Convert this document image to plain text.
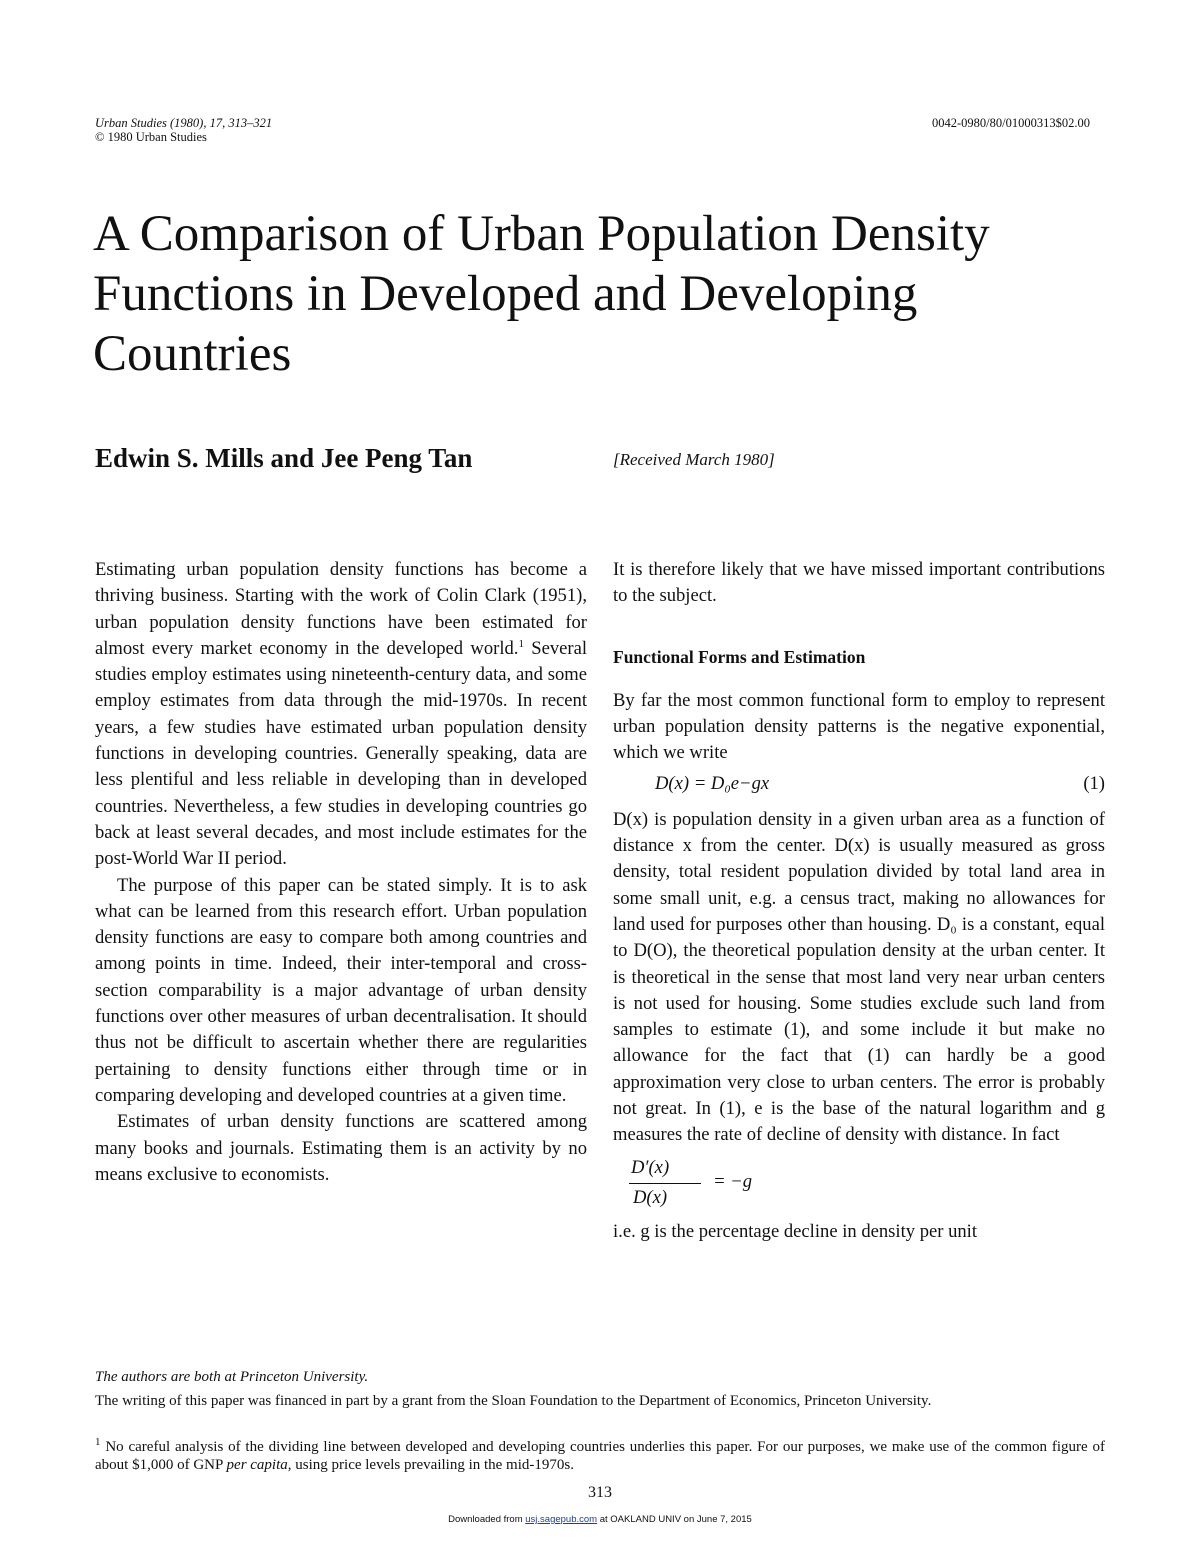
Urban Studies (1980), 17, 313–321
© 1980 Urban Studies
0042-0980/80/01000313$02.00
A Comparison of Urban Population Density Functions in Developed and Developing Countries
Edwin S. Mills and Jee Peng Tan	[Received March 1980]

Estimating urban population density functions has become a thriving business. Starting with the work of Colin Clark (1951), urban population density functions have been estimated for almost every market economy in the developed world.$^1$ Several studies employ estimates using nineteenth-century data, and some employ estimates from data through the mid-1970s. In recent years, a few studies have estimated urban population density functions in developing countries. Generally speaking, data are less plentiful and less reliable in developing than in developed countries. Nevertheless, a few studies in developing countries go back at least several decades, and most include estimates for the post-World War II period.

The purpose of this paper can be stated simply. It is to ask what can be learned from this research effort. Urban population density functions are easy to compare both among countries and among points in time. Indeed, their inter-temporal and cross-section comparability is a major advantage of urban density functions over other measures of urban decentralisation. It should thus not be difficult to ascertain whether there are regularities pertaining to density functions either through time or in comparing developing and developed countries at a given time.

Estimates of urban density functions are scattered among many books and journals. Estimating them is an activity by no means exclusive to economists.

It is therefore likely that we have missed important contributions to the subject.

Functional Forms and Estimation

By far the most common functional form to employ to represent urban population density patterns is the negative exponential, which we write

D(x) = D₀e−gx	(1)

D(x) is population density in a given urban area as a function of distance x from the center. D(x) is usually measured as gross density, total resident population divided by total land area in some small unit, e.g. a census tract, making no allowances for land used for purposes other than housing. D₀ is a constant, equal to D(O), the theoretical population density at the urban center. It is theoretical in the sense that most land very near urban centers is not used for housing. Some studies exclude such land from samples to estimate (1), and some include it but make no allowance for the fact that (1) can hardly be a good approximation very close to urban centers. The error is probably not great. In (1), e is the base of the natural logarithm and g measures the rate of decline of density with distance. In fact

D′(x)
D(x)
= −g

i.e. g is the percentage decline in density per unit

The authors are both at Princeton University.
The writing of this paper was financed in part by a grant from the Sloan Foundation to the Department of Economics, Princeton University.
$^1$ No careful analysis of the dividing line between developed and developing countries underlies this paper. For our purposes, we make use of the common figure of about $1,000 of GNP per capita, using price levels prevailing in the mid-1970s.
313
Downloaded from usj.sagepub.com at OAKLAND UNIV on June 7, 2015
